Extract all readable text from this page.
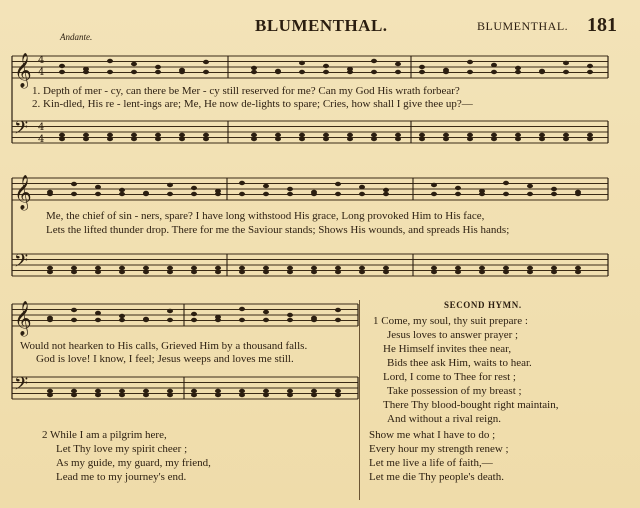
𝄞
𝄢
𝄞
𝄢
𝄞
𝄢
4
4
4
4
BLUMENTHAL.	BLUMENTHAL. 181
Andante.
1. Depth of mer - cy, can there be Mer - cy still reserved for me? Can my God His wrath forbear?
2. Kin-dled, His re - lent-ings are; Me, He now de-lights to spare; Cries, how shall I give thee up?—
Me, the chief of sin - ners, spare? I have long withstood His grace, Long provoked Him to His face,
Lets the lifted thunder drop. There for me the Saviour stands; Shows His wounds, and spreads His hands;
Would not hearken to His calls, Grieved Him by a thousand falls.
God is love! I know, I feel; Jesus weeps and loves me still.
SECOND HYMN.
1 Come, my soul, thy suit prepare :
Jesus loves to answer prayer ;
He Himself invites thee near,
Bids thee ask Him, waits to hear.
Lord, I come to Thee for rest ;
Take possession of my breast ;
There Thy blood-bought right maintain,
And without a rival reign.
2 While I am a pilgrim here,
Let Thy love my spirit cheer ;
As my guide, my guard, my friend,
Lead me to my journey's end.
Show me what I have to do ;
Every hour my strength renew ;
Let me live a life of faith,—
Let me die Thy people's death.
